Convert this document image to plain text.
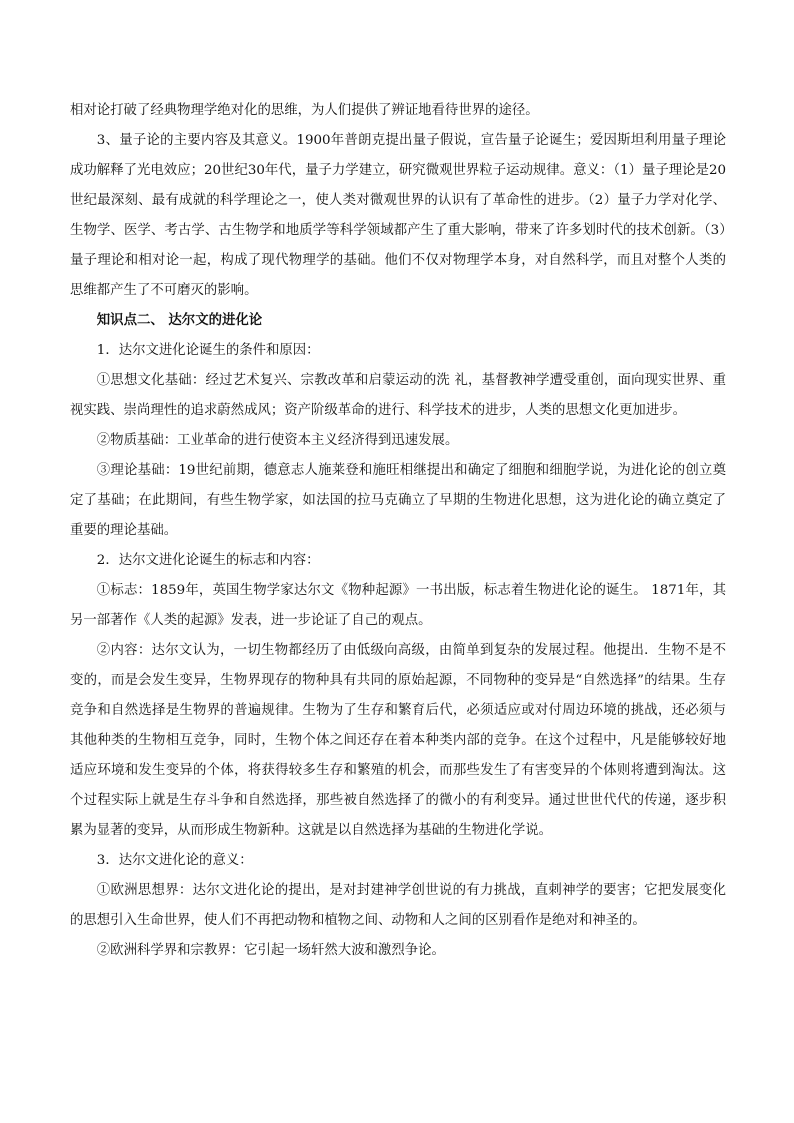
相对论打破了经典物理学绝对化的思维，为人们提供了辨证地看待世界的途径。

3、量子论的主要内容及其意义。1900年普朗克提出量子假说，宣告量子论诞生；爱因斯坦利用量子理论成功解释了光电效应；20世纪30年代，量子力学建立，研究微观世界粒子运动规律。意义：（1）量子理论是20世纪最深刻、最有成就的科学理论之一，使人类对微观世界的认识有了革命性的进步。（2）量子力学对化学、生物学、医学、考古学、古生物学和地质学等科学领域都产生了重大影响，带来了许多划时代的技术创新。（3）量子理论和相对论一起，构成了现代物理学的基础。他们不仅对物理学本身，对自然科学，而且对整个人类的思维都产生了不可磨灭的影响。

知识点二、 达尔文的进化论

1．达尔文进化论诞生的条件和原因：

①思想文化基础：经过艺术复兴、宗教改革和启蒙运动的洗 礼，基督教神学遭受重创，面向现实世界、重视实践、崇尚理性的追求蔚然成风；资产阶级革命的进行、科学技术的进步，人类的思想文化更加进步。

②物质基础：工业革命的进行使资本主义经济得到迅速发展。

③理论基础：19世纪前期，德意志人施莱登和施旺相继提出和确定了细胞和细胞学说，为进化论的创立奠定了基础；在此期间，有些生物学家，如法国的拉马克确立了早期的生物进化思想，这为进化论的确立奠定了重要的理论基础。

2．达尔文进化论诞生的标志和内容：

①标志：1859年，英国生物学家达尔文《物种起源》一书出版，标志着生物进化论的诞生。 1871年，其另一部著作《人类的起源》发表，进一步论证了自己的观点。

②内容：达尔文认为，一切生物都经历了由低级向高级，由简单到复杂的发展过程。他提出．生物不是不变的，而是会发生变异，生物界现存的物种具有共同的原始起源，不同物种的变异是“自然选择”的结果。生存竞争和自然选择是生物界的普遍规律。生物为了生存和繁育后代，必须适应或对付周边环境的挑战，还必须与其他种类的生物相互竞争，同时，生物个体之间还存在着本种类内部的竞争。在这个过程中，凡是能够较好地适应环境和发生变异的个体，将获得较多生存和繁殖的机会，而那些发生了有害变异的个体则将遭到淘汰。这个过程实际上就是生存斗争和自然选择，那些被自然选择了的微小的有利变异。通过世世代代的传递，逐步积累为显著的变异，从而形成生物新种。这就是以自然选择为基础的生物进化学说。

3．达尔文进化论的意义：

①欧洲思想界：达尔文进化论的提出，是对封建神学创世说的有力挑战，直刺神学的要害；它把发展变化的思想引入生命世界，使人们不再把动物和植物之间、动物和人之间的区别看作是绝对和神圣的。

②欧洲科学界和宗教界：它引起一场轩然大波和激烈争论。
